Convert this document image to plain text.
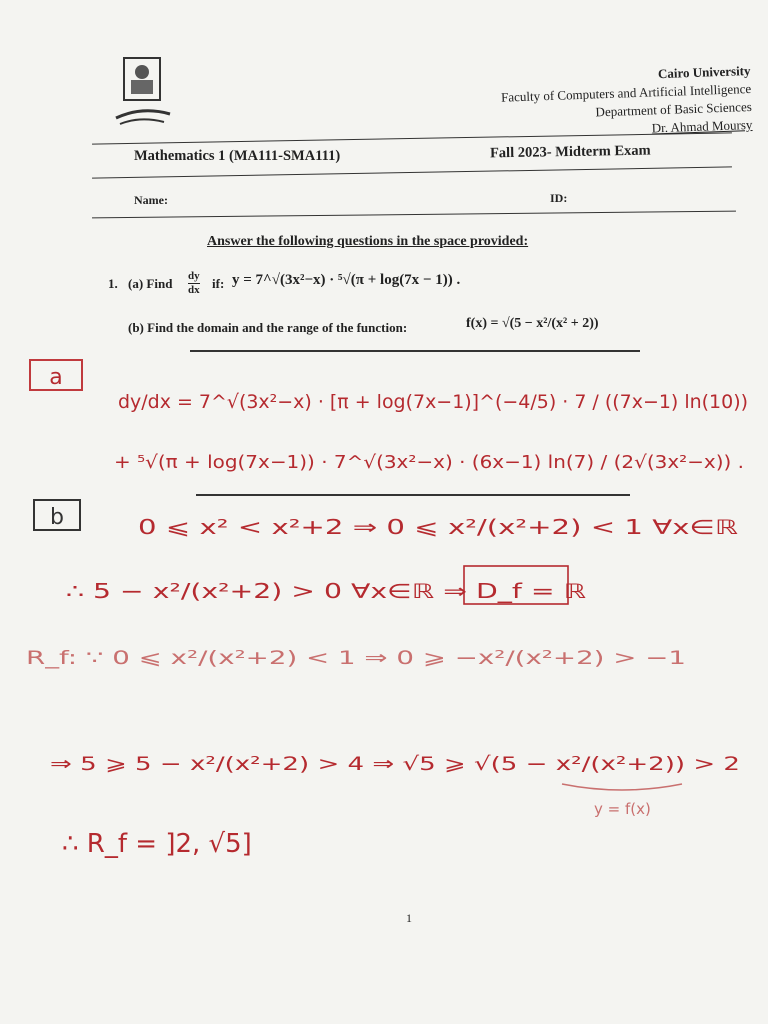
Cairo University
Faculty of Computers and Artificial Intelligence
Department of Basic Sciences
Dr. Ahmad Moursy
Mathematics 1 (MA111-SMA111)	Fall 2023- Midterm Exam
Name:	ID:
Answer the following questions in the space provided:
1. (a) Find dy
dx if: y = 7^√(3x²−x) · ⁵√(π + log(7x − 1)) .
(b) Find the domain and the range of the function:	f(x) = √(5 − x²/(x² + 2))
a
dy/dx = 7^√(3x²−x) · [π + log(7x−1)]^(−4/5) · 7 / ((7x−1) ln(10))
+ ⁵√(π + log(7x−1)) · 7^√(3x²−x) · (6x−1) ln(7) / (2√(3x²−x)) .
b	0 ⩽ x² < x²+2 ⇒ 0 ⩽ x²/(x²+2) < 1 ∀x∈ℝ
∴ 5 − x²/(x²+2) > 0 ∀x∈ℝ ⇒ D_f = ℝ
R_f: ∵ 0 ⩽ x²/(x²+2) < 1 ⇒ 0 ⩾ −x²/(x²+2) > −1
⇒ 5 ⩾ 5 − x²/(x²+2) > 4 ⇒ √5 ⩾ √(5 − x²/(x²+2)) > 2
y = f(x)
∴ R_f = ]2, √5]
1
